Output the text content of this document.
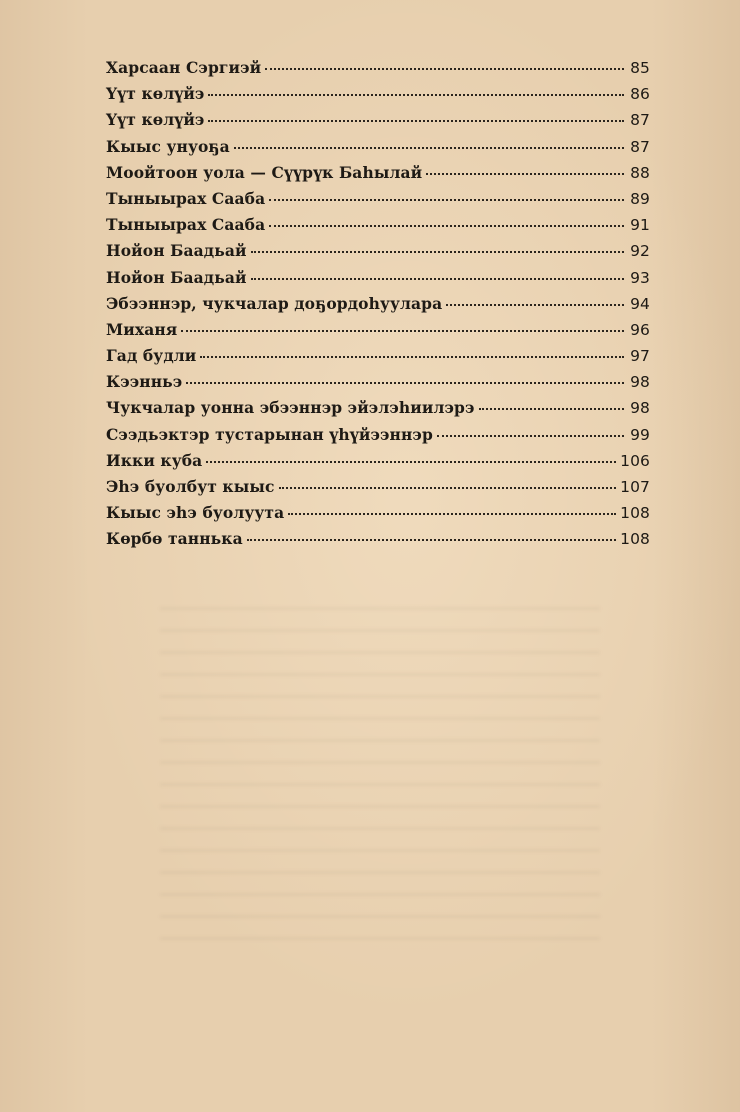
Харсаан Сэргиэй	85
Үүт көлүйэ	86
Үүт көлүйэ	87
Кыыс унуоҕа	87
Моойтоон уола — Сүүрүк Баһылай	88
Тыныырах Сааба	89
Тыныырах Сааба	91
Нойон Баадьай	92
Нойон Баадьай	93
Эбээннэр, чукчалар доҕордоһуулара	94
Миханя	96
Гад будли	97
Кээнньэ	98
Чукчалар уонна эбээннэр эйэлэһиилэрэ	98
Сээдьэктэр тустарынан үһүйээннэр	99
Икки куба	106
Эһэ буолбут кыыс	107
Кыыс эһэ буолуута	108
Көрбө таннька	108
